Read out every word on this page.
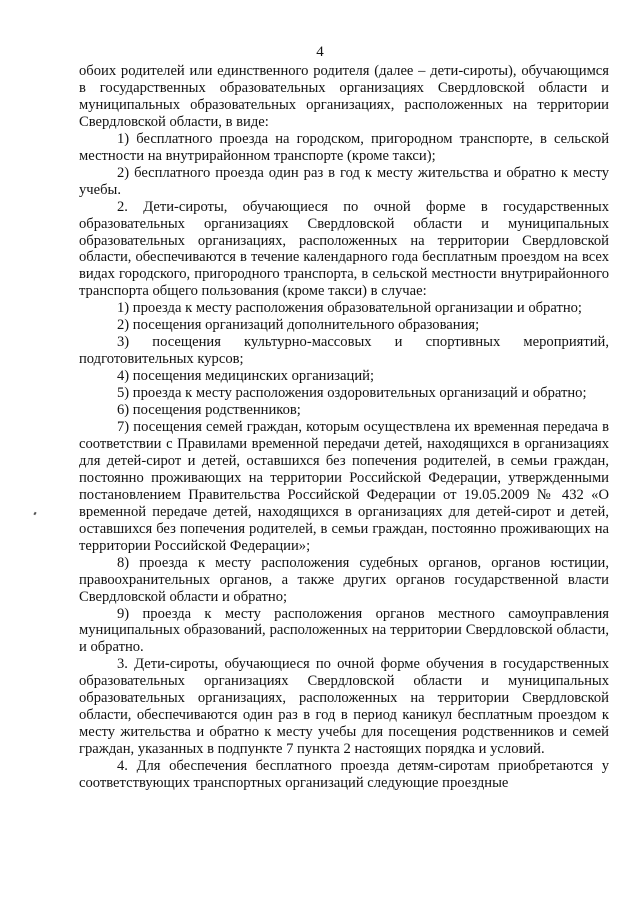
4

обоих родителей или единственного родителя (далее – дети-сироты), обучающимся в государственных образовательных организациях Свердловской области и муниципальных образовательных организациях, расположенных на территории Свердловской области, в виде:

1) бесплатного проезда на городском, пригородном транспорте, в сельской местности на внутрирайонном транспорте (кроме такси);

2) бесплатного проезда один раз в год к месту жительства и обратно к месту учебы.

2. Дети-сироты, обучающиеся по очной форме в государственных образовательных организациях Свердловской области и муниципальных образовательных организациях, расположенных на территории Свердловской области, обеспечиваются в течение календарного года бесплатным проездом на всех видах городского, пригородного транспорта, в сельской местности внутрирайонного транспорта общего пользования (кроме такси) в случае:

1) проезда к месту расположения образовательной организации и обратно;

2) посещения организаций дополнительного образования;

3) посещения культурно-массовых и спортивных мероприятий, подготовительных курсов;

4) посещения медицинских организаций;

5) проезда к месту расположения оздоровительных организаций и обратно;

6) посещения родственников;

7) посещения семей граждан, которым осуществлена их временная передача в соответствии с Правилами временной передачи детей, находящихся в организациях для детей-сирот и детей, оставшихся без попечения родителей, в семьи граждан, постоянно проживающих на территории Российской Федерации, утвержденными постановлением Правительства Российской Федерации от 19.05.2009 № 432 «О временной передаче детей, находящихся в организациях для детей-сирот и детей, оставшихся без попечения родителей, в семьи граждан, постоянно проживающих на территории Российской Федерации»;

8) проезда к месту расположения судебных органов, органов юстиции, правоохранительных органов, а также других органов государственной власти Свердловской области и обратно;

9) проезда к месту расположения органов местного самоуправления муниципальных образований, расположенных на территории Свердловской области, и обратно.

3. Дети-сироты, обучающиеся по очной форме обучения в государственных образовательных организациях Свердловской области и муниципальных образовательных организациях, расположенных на территории Свердловской области, обеспечиваются один раз в год в период каникул бесплатным проездом к месту жительства и обратно к месту учебы для посещения родственников и семей граждан, указанных в подпункте 7 пункта 2 настоящих порядка и условий.

4. Для обеспечения бесплатного проезда детям-сиротам приобретаются у соответствующих транспортных организаций следующие проездные
